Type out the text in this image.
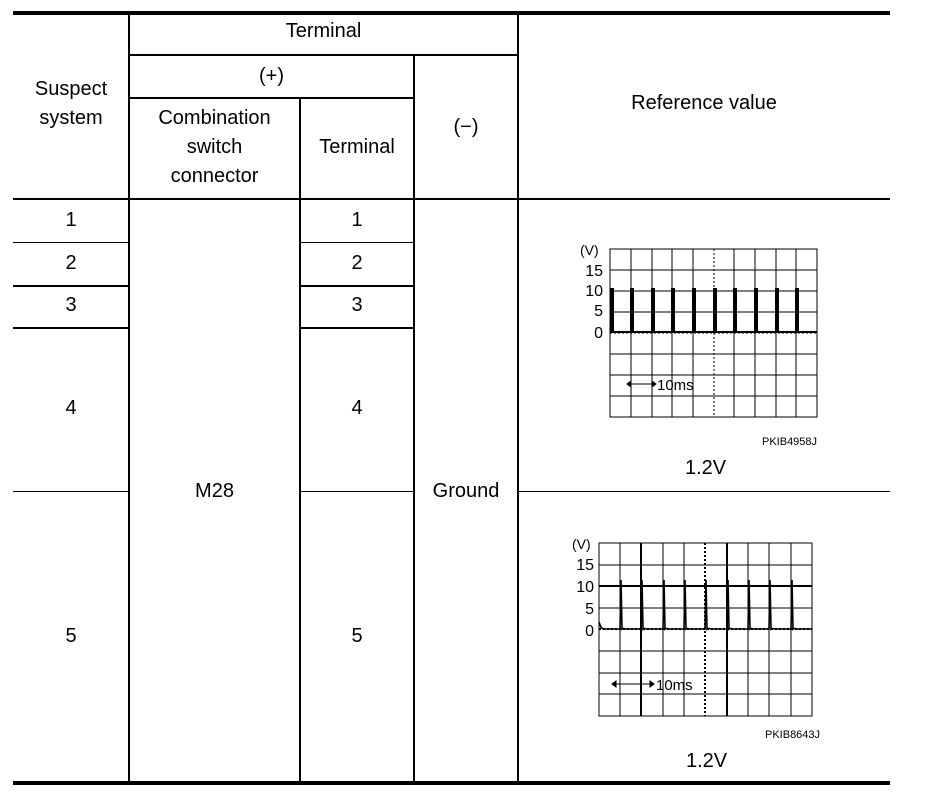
Terminal
Suspect
system
(+)
Combination
switch
connector
Terminal
(−)
Reference value
1
2
3
4
5
1
2
3
4
5
M28	Ground
(V)
15
10
5
0
10ms
PKIB4958J
1.2V
(V)
15
10
5
0
10ms
PKIB8643J
1.2V
